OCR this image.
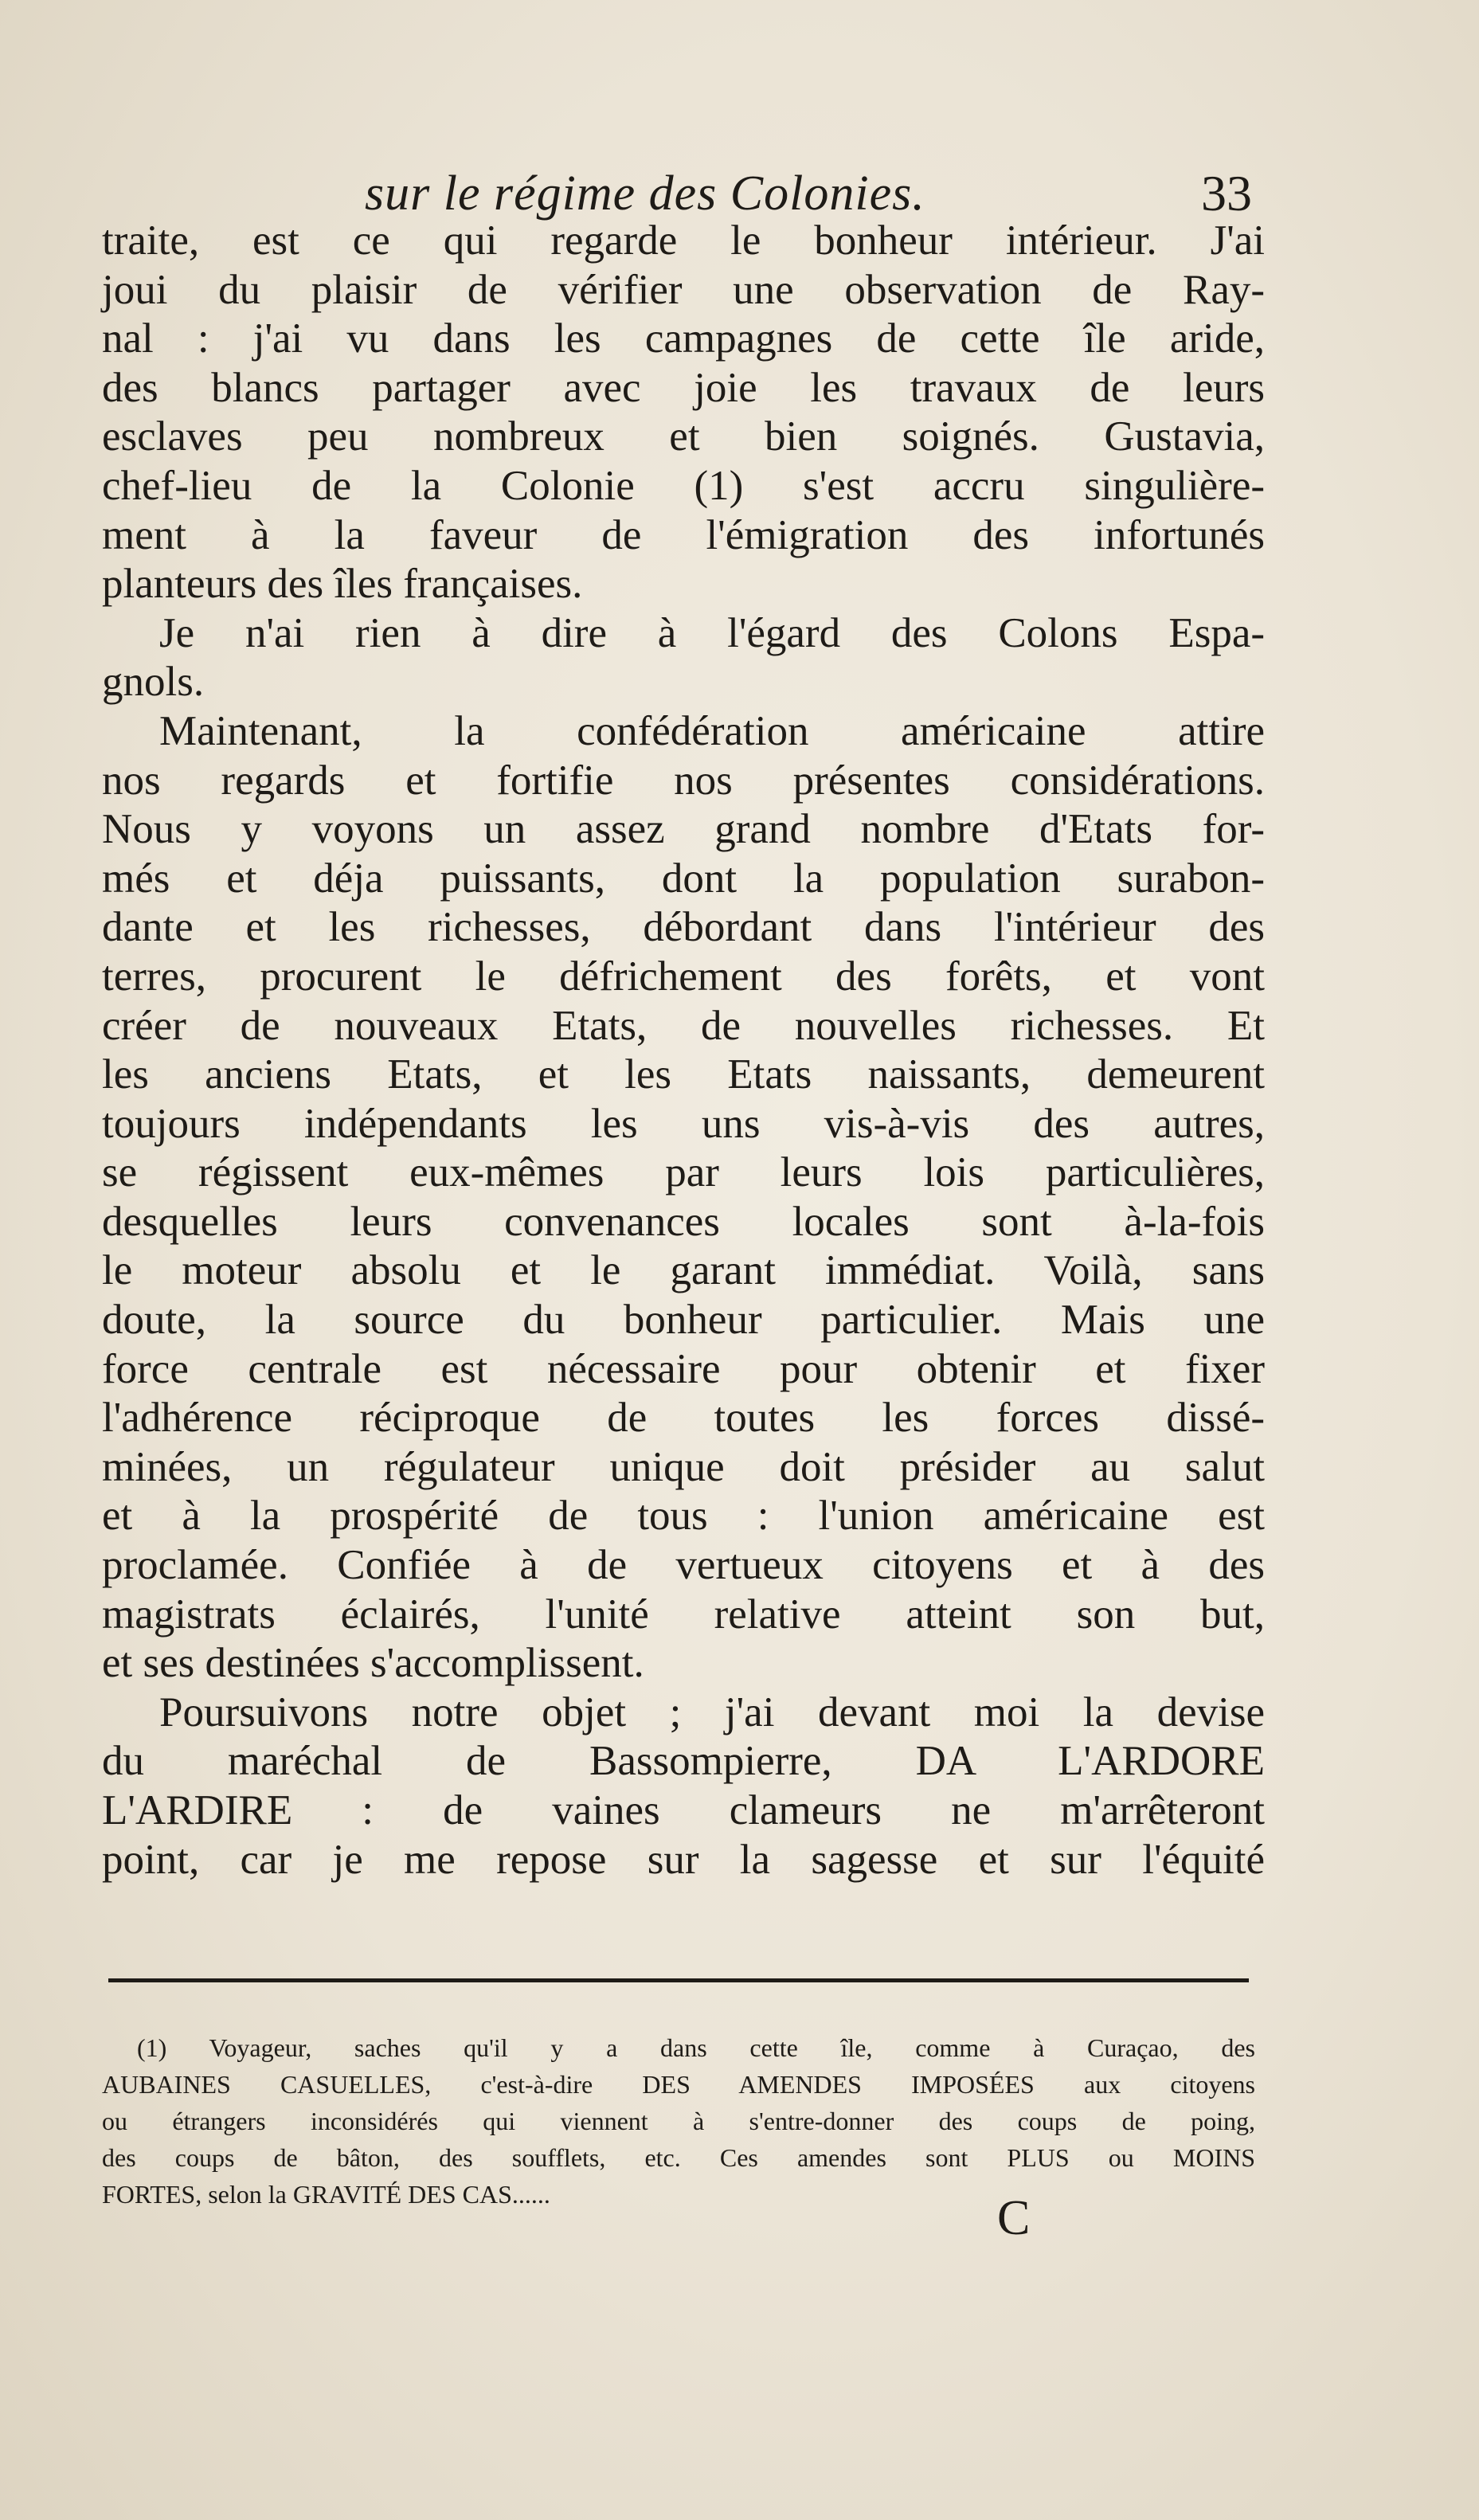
sur le régime des Colonies.	33
traite, est ce qui regarde le bonheur intérieur. J'ai
joui du plaisir de vérifier une observation de Ray-
nal : j'ai vu dans les campagnes de cette île aride,
des blancs partager avec joie les travaux de leurs
esclaves peu nombreux et bien soignés. Gustavia,
chef-lieu de la Colonie (1) s'est accru singulière-
ment à la faveur de l'émigration des infortunés
planteurs des îles françaises.
Je n'ai rien à dire à l'égard des Colons Espa-
gnols.
Maintenant, la confédération américaine attire
nos regards et fortifie nos présentes considérations.
Nous y voyons un assez grand nombre d'Etats for-
més et déja puissants, dont la population surabon-
dante et les richesses, débordant dans l'intérieur des
terres, procurent le défrichement des forêts, et vont
créer de nouveaux Etats, de nouvelles richesses. Et
les anciens Etats, et les Etats naissants, demeurent
toujours indépendants les uns vis-à-vis des autres,
se régissent eux-mêmes par leurs lois particulières,
desquelles leurs convenances locales sont à-la-fois
le moteur absolu et le garant immédiat. Voilà, sans
doute, la source du bonheur particulier. Mais une
force centrale est nécessaire pour obtenir et fixer
l'adhérence réciproque de toutes les forces dissé-
minées, un régulateur unique doit présider au salut
et à la prospérité de tous : l'union américaine est
proclamée. Confiée à de vertueux citoyens et à des
magistrats éclairés, l'unité relative atteint son but,
et ses destinées s'accomplissent.
Poursuivons notre objet ; j'ai devant moi la devise
du maréchal de Bassompierre, DA L'ARDORE
L'ARDIRE : de vaines clameurs ne m'arrêteront
point, car je me repose sur la sagesse et sur l'équité
(1) Voyageur, saches qu'il y a dans cette île, comme à Curaçao, des
AUBAINES CASUELLES, c'est-à-dire DES AMENDES IMPOSÉES aux citoyens
ou étrangers inconsidérés qui viennent à s'entre-donner des coups de poing,
des coups de bâton, des soufflets, etc. Ces amendes sont PLUS ou MOINS
FORTES, selon la GRAVITÉ DES CAS......	C
